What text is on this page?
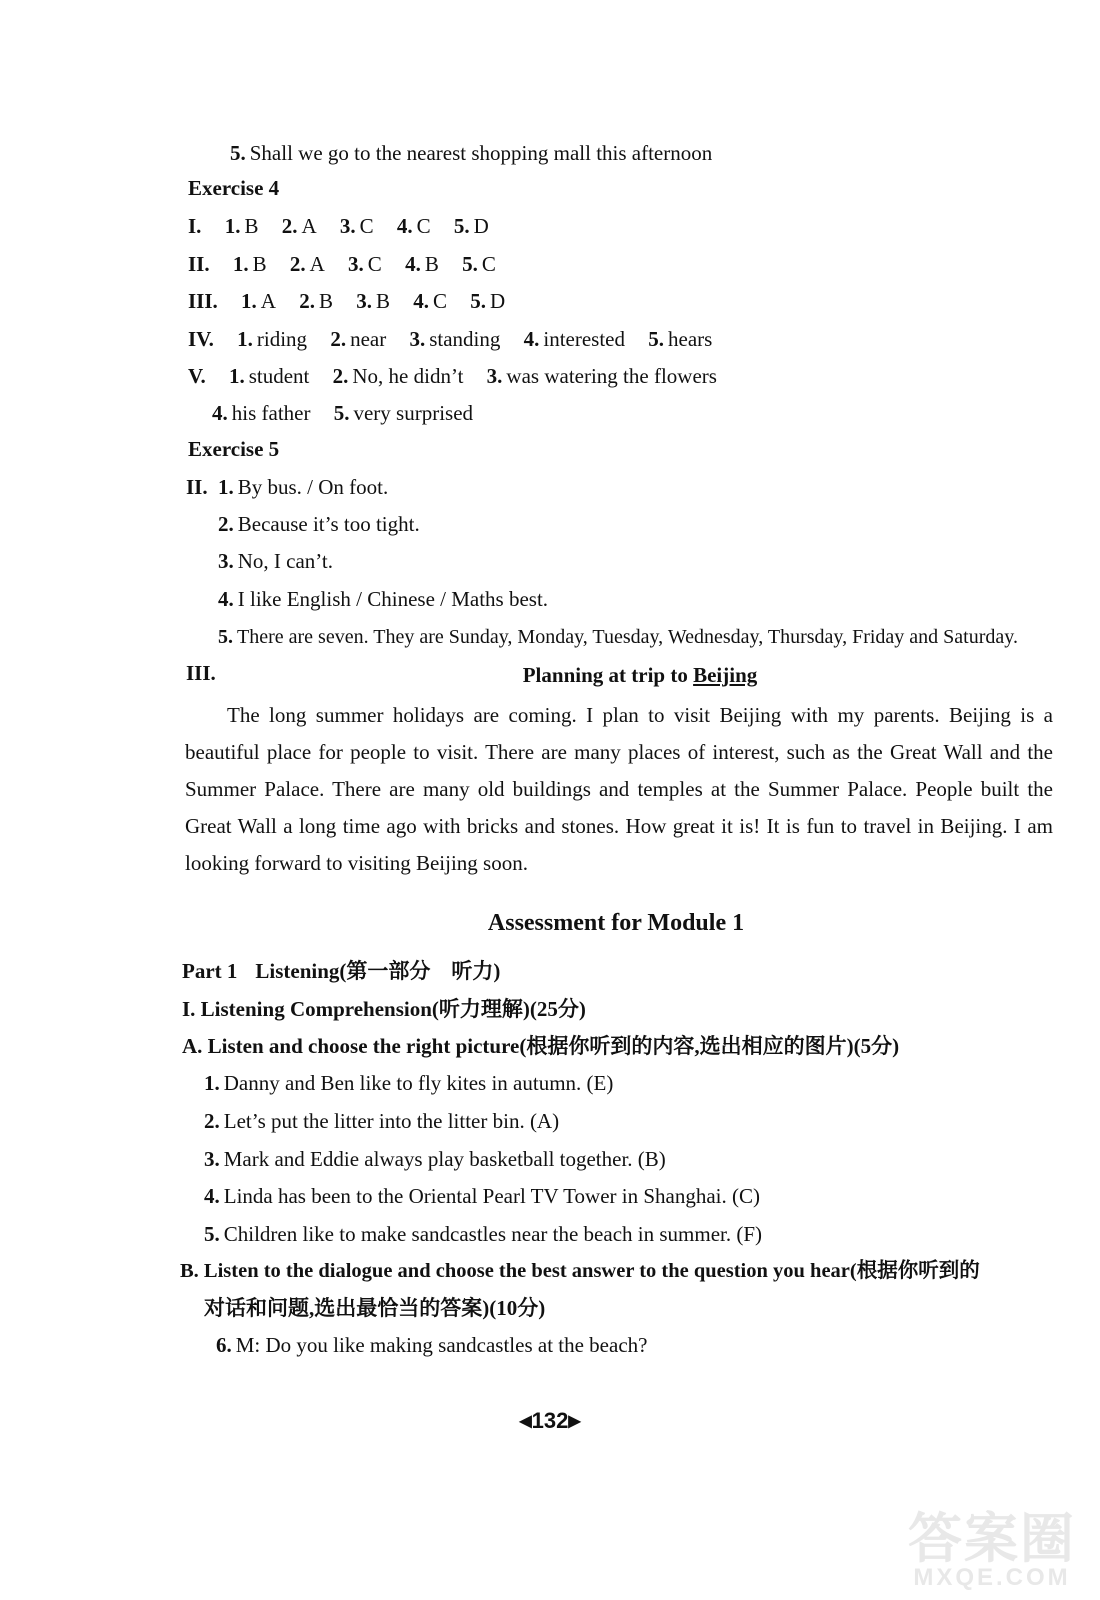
5. Shall we go to the nearest shopping mall this afternoon
Exercise 4
I. 1. B 2. A 3. C 4. C 5. D
II. 1. B 2. A 3. C 4. B 5. C
III. 1. A 2. B 3. B 4. C 5. D
IV. 1. riding 2. near 3. standing 4. interested 5. hears
V. 1. student 2. No, he didn’t 3. was watering the flowers
4. his father 5. very surprised
Exercise 5
II. 1. By bus. / On foot.
2. Because it’s too tight.
3. No, I can’t.
4. I like English / Chinese / Maths best.
5. There are seven. They are Sunday, Monday, Tuesday, Wednesday, Thursday, Friday and Saturday.
III.	Planning at trip to Beijing

The long summer holidays are coming. I plan to visit Beijing with my parents. Beijing is a beautiful place for people to visit. There are many places of interest, such as the Great Wall and the Summer Palace. There are many old buildings and temples at the Summer Palace. People built the Great Wall a long time ago with bricks and stones. How great it is! It is fun to travel in Beijing. I am looking forward to visiting Beijing soon.

Assessment for Module 1
Part 1 Listening(第一部分　听力)
I. Listening Comprehension(听力理解)(25分)
A. Listen and choose the right picture(根据你听到的内容,选出相应的图片)(5分)
1. Danny and Ben like to fly kites in autumn. (E)
2. Let’s put the litter into the litter bin. (A)
3. Mark and Eddie always play basketball together. (B)
4. Linda has been to the Oriental Pearl TV Tower in Shanghai. (C)
5. Children like to make sandcastles near the beach in summer. (F)
B. Listen to the dialogue and choose the best answer to the question you hear(根据你听到的
对话和问题,选出最恰当的答案)(10分)
6. M: Do you like making sandcastles at the beach?
◀132▶
答案圈
MXQE.COM
